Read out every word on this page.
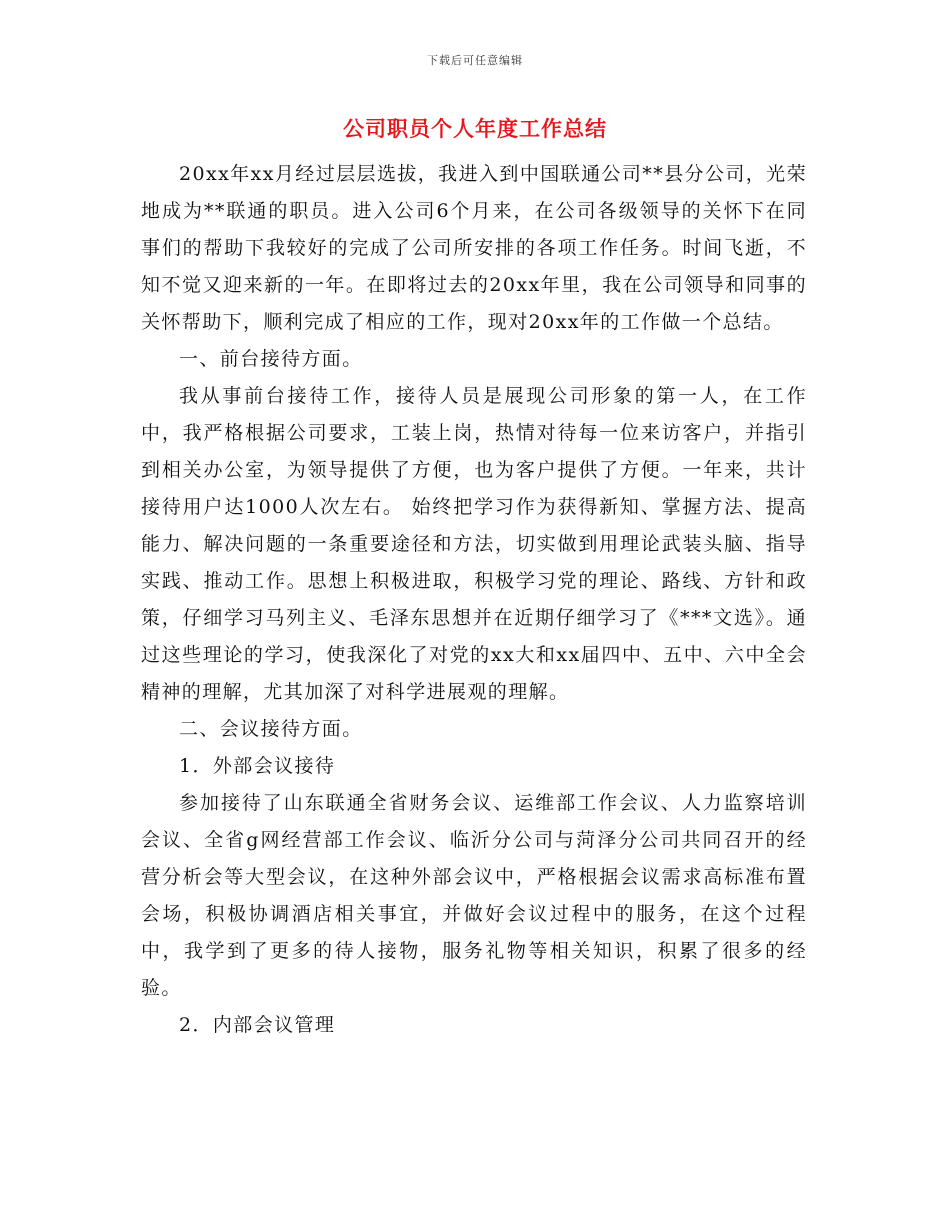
下载后可任意编辑
公司职员个人年度工作总结

20xx年xx月经过层层选拔，我进入到中国联通公司**县分公司，光荣地成为**联通的职员。进入公司6个月来，在公司各级领导的关怀下在同事们的帮助下我较好的完成了公司所安排的各项工作任务。时间飞逝，不知不觉又迎来新的一年。在即将过去的20xx年里，我在公司领导和同事的关怀帮助下，顺利完成了相应的工作，现对20xx年的工作做一个总结。

一、前台接待方面。

我从事前台接待工作，接待人员是展现公司形象的第一人，在工作中，我严格根据公司要求，工装上岗，热情对待每一位来访客户，并指引到相关办公室，为领导提供了方便，也为客户提供了方便。一年来，共计接待用户达1000人次左右。 始终把学习作为获得新知、掌握方法、提高能力、解决问题的一条重要途径和方法，切实做到用理论武装头脑、指导实践、推动工作。思想上积极进取，积极学习党的理论、路线、方针和政策，仔细学习马列主义、毛泽东思想并在近期仔细学习了《***文选》。通过这些理论的学习，使我深化了对党的xx大和xx届四中、五中、六中全会精神的理解，尤其加深了对科学进展观的理解。

二、会议接待方面。

1．外部会议接待

参加接待了山东联通全省财务会议、运维部工作会议、人力监察培训会议、全省g网经营部工作会议、临沂分公司与菏泽分公司共同召开的经营分析会等大型会议，在这种外部会议中，严格根据会议需求高标准布置会场，积极协调酒店相关事宜，并做好会议过程中的服务，在这个过程中，我学到了更多的待人接物，服务礼物等相关知识，积累了很多的经验。

2．内部会议管理
